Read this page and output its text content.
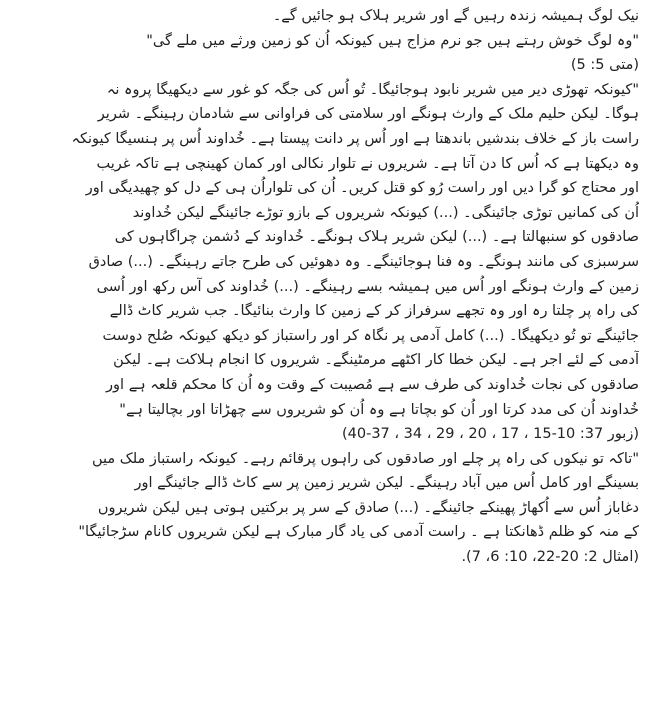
نیک لوگ ہمیشہ زندہ رہیں گے اور شریر ہلاک ہو جائیں گے۔
"وہ لوگ خوش رہتے ہیں جو نرم مزاج ہیں کیونکہ اُن کو زمین ورثے میں ملے گی"
(متی 5: 5)

"کیونکہ تھوڑی دیر میں شریر نابود ہوجائیگا۔ تُو اُس کی جگہ کو غور سے دیکھیگا پروہ نہ
ہوگا۔ لیکن حلیم ملک کے وارث ہونگے اور سلامتی کی فراوانی سے شادمان رہینگے۔ شریر
راست باز کے خلاف بندشیں باندھتا ہے اور اُس پر دانت پیستا ہے۔ خُداوند اُس پر ہنسیگا کیونکہ
وہ دیکھتا ہے کہ اُس کا دن آتا ہے۔ شریروں نے تلوار نکالی اور کمان کھینچی ہے تاکہ غریب
اور محتاج کو گرا دیں اور راست رُو کو قتل کریں۔ اُن کی تلواراُن ہی کے دل کو چھیدیگی اور
اُن کی کمانیں توڑی جائینگی۔ (...) کیونکہ شریروں کے بازو توڑے جائینگے لیکن خُداوند
صادقوں کو سنبھالتا ہے۔ (...) لیکن شریر ہلاک ہونگے۔ خُداوند کے دُشمن چراگاہوں کی
سرسبزی کی مانند ہونگے۔ وہ فنا ہوجائینگے۔ وہ دھوئیں کی طرح جاتے رہینگے۔ (...) صادق
زمین کے وارث ہونگے اور اُس میں ہمیشہ بسے رہینگے۔ (...) خُداوند کی آس رکھ اور اُسی
کی راہ پر چلتا رہ اور وہ تجھے سرفراز کر کے زمین کا وارث بنائیگا۔ جب شریر کاٹ ڈالے
جائینگے تو تُو دیکھیگا۔ (...) کامل آدمی پر نگاہ کر اور راستباز کو دیکھ کیونکہ صُلح دوست
آدمی کے لئے اجر ہے۔ لیکن خطا کار اکٹھے مرمٹینگے۔ شریروں کا انجام ہلاکت ہے۔ لیکن
صادقوں کی نجات خُداوند کی طرف سے ہے مُصیبت کے وقت وہ اُن کا محکم قلعہ ہے اور
خُداوند اُن کی مدد کرتا اور اُن کو بچاتا ہے وہ اُن کو شریروں سے چھڑاتا اور بچالیتا ہے"
(زبور 37: 10-15 ، 17 ، 20 ، 29 ، 34 ، 37-40)

"تاکہ تو نیکوں کی راہ پر چلے اور صادقوں کی راہوں پرقائم رہے۔ کیونکہ راستباز ملک میں
بسینگے اور کامل اُس میں آباد رہینگے۔ لیکن شریر زمین پر سے کاٹ ڈالے جائینگے اور
دغاباز اُس سے اُکھاڑ پھینکے جائینگے۔ (...) صادق کے سر پر برکتیں ہوتی ہیں لیکن شریروں
کے منہ کو ظلم ڈھانکتا ہے ۔ راست آدمی کی یاد گار مبارک ہے لیکن شریروں کانام سڑجائیگا"
(امثال 2: 20-22، 10: 6، 7).
